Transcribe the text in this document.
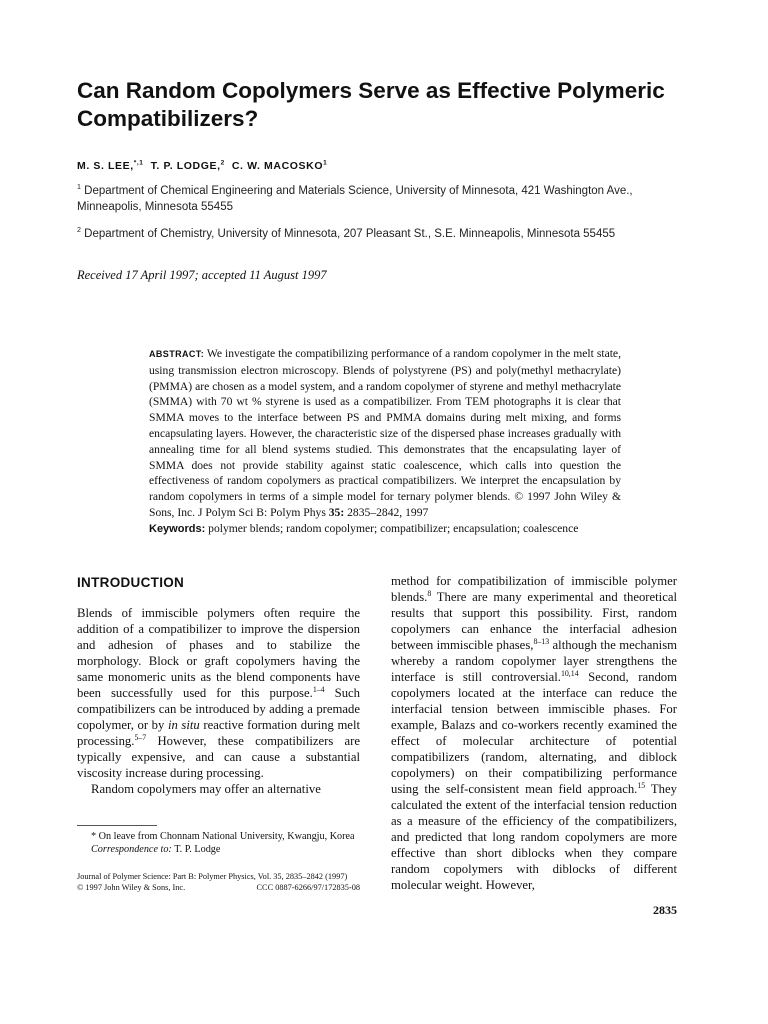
Can Random Copolymers Serve as Effective Polymeric Compatibilizers?
M. S. LEE,$^{*,1}$ T. P. LODGE,$^2$ C. W. MACOSKO$^1$
$^1$ Department of Chemical Engineering and Materials Science, University of Minnesota, 421 Washington Ave., Minneapolis, Minnesota 55455
$^2$ Department of Chemistry, University of Minnesota, 207 Pleasant St., S.E. Minneapolis, Minnesota 55455
Received 17 April 1997; accepted 11 August 1997
ABSTRACT: We investigate the compatibilizing performance of a random copolymer in the melt state, using transmission electron microscopy. Blends of polystyrene (PS) and poly(methyl methacrylate) (PMMA) are chosen as a model system, and a random copolymer of styrene and methyl methacrylate (SMMA) with 70 wt % styrene is used as a compatibilizer. From TEM photographs it is clear that SMMA moves to the interface between PS and PMMA domains during melt mixing, and forms encapsulating layers. However, the characteristic size of the dispersed phase increases gradually with annealing time for all blend systems studied. This demonstrates that the encapsulating layer of SMMA does not provide stability against static coalescence, which calls into question the effectiveness of random copolymers as practical compatibilizers. We interpret the encapsulation by random copolymers in terms of a simple model for ternary polymer blends. © 1997 John Wiley & Sons, Inc. J Polym Sci B: Polym Phys 35: 2835–2842, 1997
Keywords: polymer blends; random copolymer; compatibilizer; encapsulation; coalescence
INTRODUCTION

Blends of immiscible polymers often require the addition of a compatibilizer to improve the dispersion and adhesion of phases and to stabilize the morphology. Block or graft copolymers having the same monomeric units as the blend components have been successfully used for this purpose.$^{1-4}$ Such compatibilizers can be introduced by adding a premade copolymer, or by in situ reactive formation during melt processing.$^{5-7}$ However, these compatibilizers are typically expensive, and can cause a substantial viscosity increase during processing.

Random copolymers may offer an alternative

* On leave from Chonnam National University, Kwangju, Korea

Correspondence to: T. P. Lodge

Journal of Polymer Science: Part B: Polymer Physics, Vol. 35, 2835–2842 (1997)
© 1997 John Wiley & Sons, Inc.	CCC 0887-6266/97/172835-08

method for compatibilization of immiscible polymer blends.$^8$ There are many experimental and theoretical results that support this possibility. First, random copolymers can enhance the interfacial adhesion between immiscible phases,$^{8-13}$ although the mechanism whereby a random copolymer layer strengthens the interface is still controversial.$^{10,14}$ Second, random copolymers located at the interface can reduce the interfacial tension between immiscible phases. For example, Balazs and co-workers recently examined the effect of molecular architecture of potential compatibilizers (random, alternating, and diblock copolymers) on their compatibilizing performance using the self-consistent mean field approach.$^{15}$ They calculated the extent of the interfacial tension reduction as a measure of the efficiency of the compatibilizers, and predicted that long random copolymers are more effective than short diblocks when they compare random copolymers with diblocks of different molecular weight. However,

2835
